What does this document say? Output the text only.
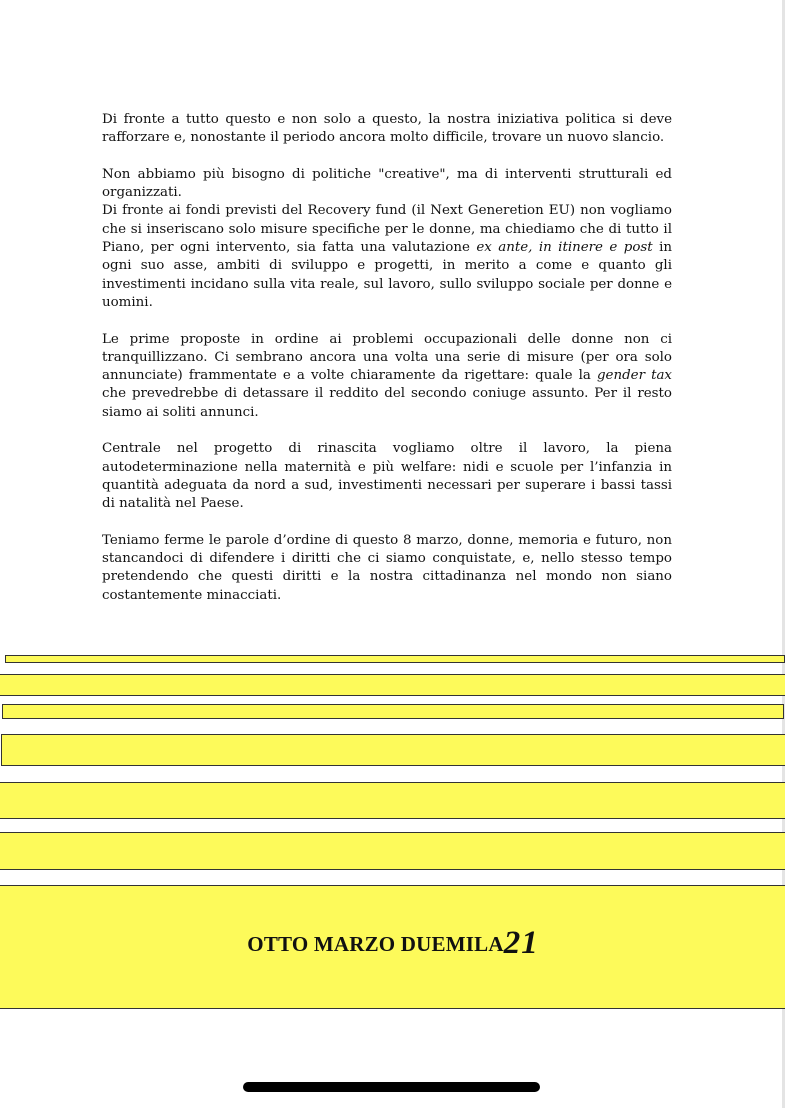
Di fronte a tutto questo e non solo a questo, la nostra iniziativa politica si deve rafforzare e, nonostante il periodo ancora molto difficile, trovare un nuovo slancio.

Non abbiamo più bisogno di politiche "creative", ma di interventi strutturali ed organizzati.

Di fronte ai fondi previsti del Recovery fund (il Next Generetion EU) non vogliamo che si inseriscano solo misure specifiche per le donne, ma chiediamo che di tutto il Piano, per ogni intervento, sia fatta una valutazione ex ante, in itinere e post in ogni suo asse, ambiti di sviluppo e progetti, in merito a come e quanto gli investimenti incidano sulla vita reale, sul lavoro, sullo sviluppo sociale per donne e uomini.

Le prime proposte in ordine ai problemi occupazionali delle donne non ci tranquillizzano. Ci sembrano ancora una volta una serie di misure (per ora solo annunciate) frammentate e a volte chiaramente da rigettare: quale la gender tax che prevedrebbe di detassare il reddito del secondo coniuge assunto. Per il resto siamo ai soliti annunci.

Centrale nel progetto di rinascita vogliamo oltre il lavoro, la piena autodeterminazione nella maternità e più welfare: nidi e scuole per l’infanzia in quantità adeguata da nord a sud, investimenti necessari per superare i bassi tassi di natalità nel Paese.

Teniamo ferme le parole d’ordine di questo 8 marzo, donne, memoria e futuro, non stancandoci di difendere i diritti che ci siamo conquistate, e, nello stesso tempo pretendendo che questi diritti e la nostra cittadinanza nel mondo non siano costantemente minacciati.

OTTO MARZO DUEMILA21
